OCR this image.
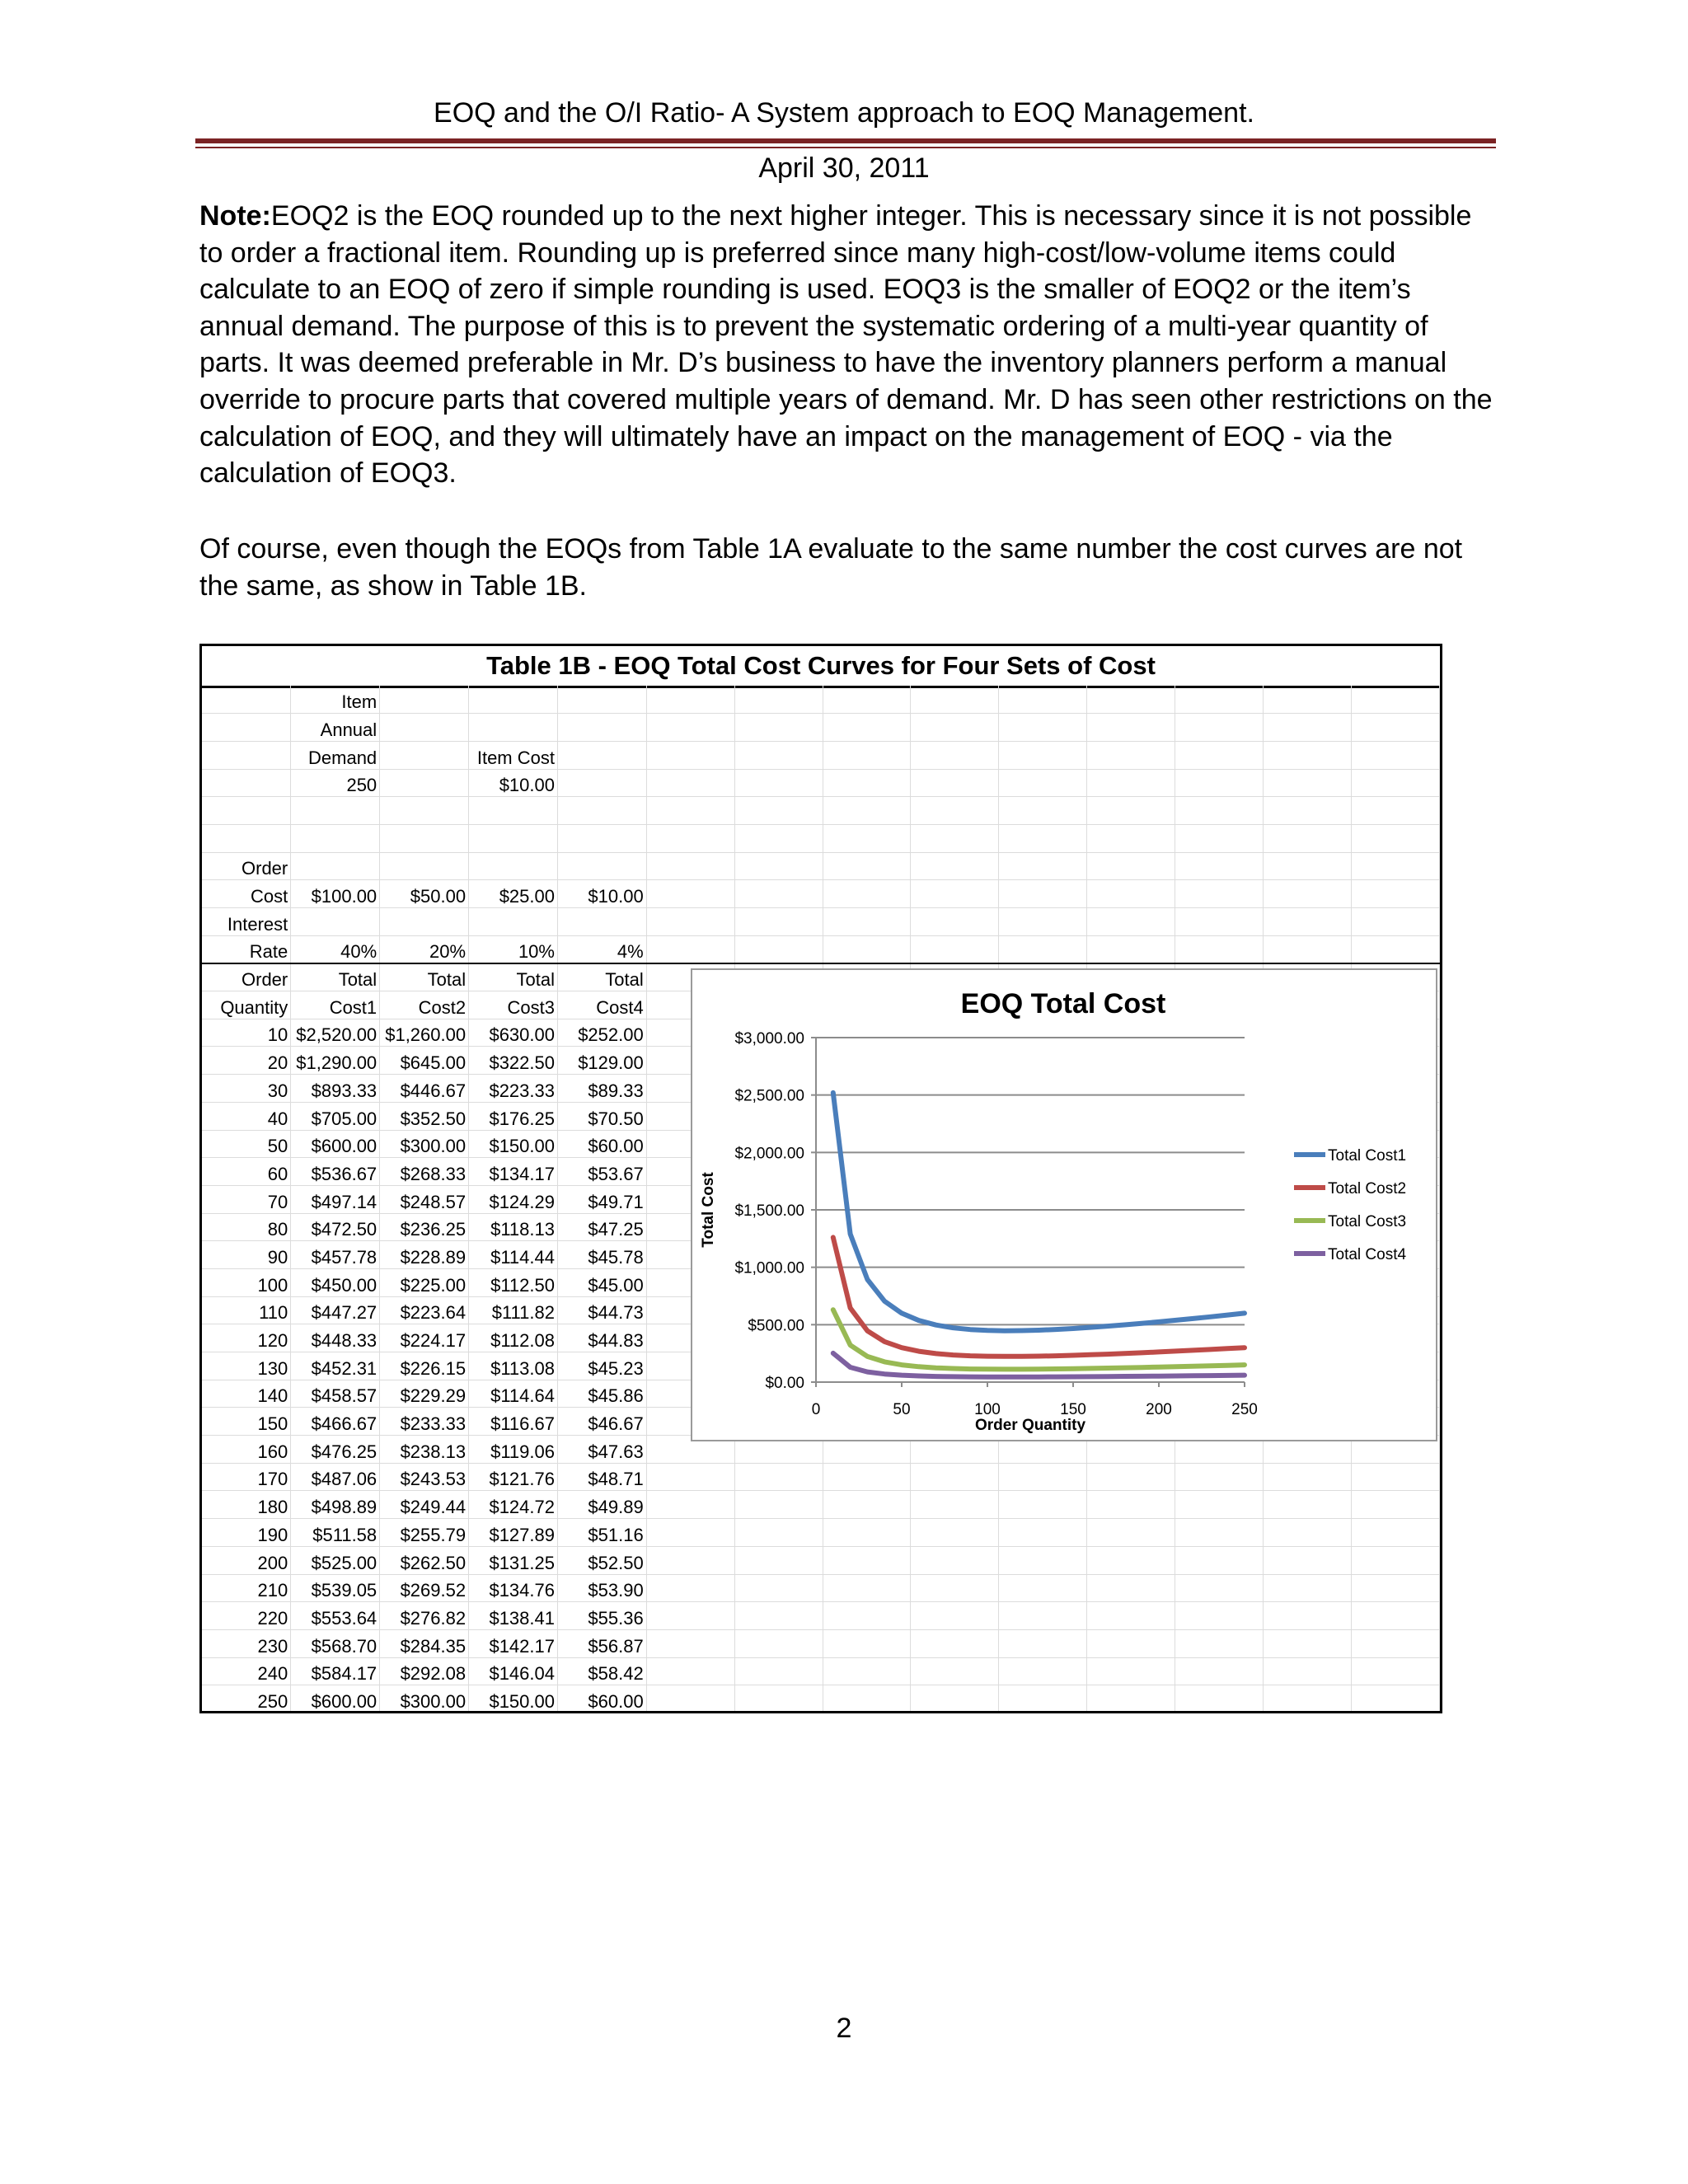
EOQ and the O/I Ratio- A System approach to EOQ Management.
April 30, 2011

Note:EOQ2 is the EOQ rounded up to the next higher integer. This is necessary since it is not possible to order a fractional item. Rounding up is preferred since many high-cost/low-volume items could calculate to an EOQ of zero if simple rounding is used. EOQ3 is the smaller of EOQ2 or the item’s annual demand. The purpose of this is to prevent the systematic ordering of a multi-year quantity of parts. It was deemed preferable in Mr. D’s business to have the inventory planners perform a manual override to procure parts that covered multiple years of demand. Mr. D has seen other restrictions on the calculation of EOQ, and they will ultimately have an impact on the management of EOQ - via the calculation of EOQ3.

Of course, even though the EOQs from Table 1A evaluate to the same number the cost curves are not the same, as show in Table 1B.

Table 1B - EOQ Total Cost Curves for Four Sets of Cost
	Item												
	Annual												
	Demand		Item Cost										
	250		$10.00										

Order													
Cost	$100.00	$50.00	$25.00	$10.00									
Interest													
Rate	40%	20%	10%	4%									
Order	Total	Total	Total	Total									
Quantity	Cost1	Cost2	Cost3	Cost4									
10	$2,520.00	$1,260.00	$630.00	$252.00									
20	$1,290.00	$645.00	$322.50	$129.00									
30	$893.33	$446.67	$223.33	$89.33									
40	$705.00	$352.50	$176.25	$70.50									
50	$600.00	$300.00	$150.00	$60.00									
60	$536.67	$268.33	$134.17	$53.67									
70	$497.14	$248.57	$124.29	$49.71									
80	$472.50	$236.25	$118.13	$47.25									
90	$457.78	$228.89	$114.44	$45.78									
100	$450.00	$225.00	$112.50	$45.00									
110	$447.27	$223.64	$111.82	$44.73									
120	$448.33	$224.17	$112.08	$44.83									
130	$452.31	$226.15	$113.08	$45.23									
140	$458.57	$229.29	$114.64	$45.86									
150	$466.67	$233.33	$116.67	$46.67									
160	$476.25	$238.13	$119.06	$47.63									
170	$487.06	$243.53	$121.76	$48.71									
180	$498.89	$249.44	$124.72	$49.89									
190	$511.58	$255.79	$127.89	$51.16									
200	$525.00	$262.50	$131.25	$52.50									
210	$539.05	$269.52	$134.76	$53.90									
220	$553.64	$276.82	$138.41	$55.36									
230	$568.70	$284.35	$142.17	$56.87									
240	$584.17	$292.08	$146.04	$58.42									
250	$600.00	$300.00	$150.00	$60.00									
EOQ Total Cost
$0.00
$500.00
$1,000.00
$1,500.00
$2,000.00
$2,500.00
$3,000.00
0	50	100	150	200	250
Order Quantity
Total Cost
Total Cost1
Total Cost2
Total Cost3
Total Cost4
2
